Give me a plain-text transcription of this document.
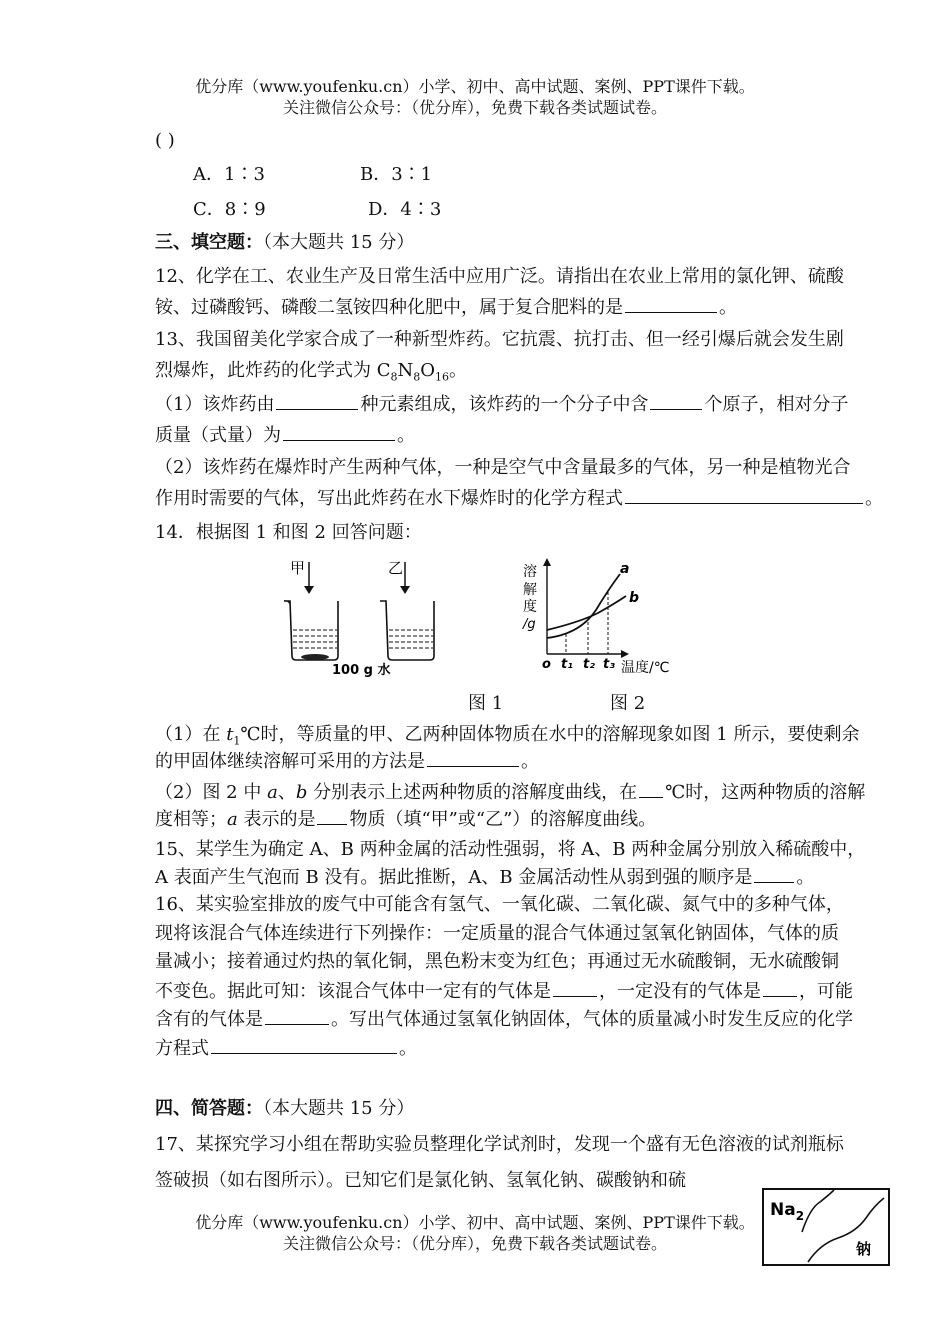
优分库（www.youfenku.cn）小学、初中、高中试题、案例、PPT课件下载。
关注微信公众号：（优分库），免费下载各类试题试卷。
( )
A．1∶3	B．3∶1
C．8∶9	D．4∶3
三、填空题：（本大题共 15 分）
12、化学在工、农业生产及日常生活中应用广泛。请指出在农业上常用的氯化钾、硫酸
铵、过磷酸钙、磷酸二氢铵四种化肥中，属于复合肥料的是	。
13、我国留美化学家合成了一种新型炸药。它抗震、抗打击、但一经引爆后就会发生剧
烈爆炸，此炸药的化学式为 $C_8N_8O_{16}$。
（1）该炸药由	种元素组成，该炸药的一个分子中含	个原子，相对分子
质量（式量）为	。
（2）该炸药在爆炸时产生两种气体，一种是空气中含量最多的气体，另一种是植物光合
作用时需要的气体，写出此炸药在水下爆炸时的化学方程式	。
14．根据图 1 和图 2 回答问题：
甲	乙
100 g 水
溶
解
度
/g
a
b
o t₁ t₂ t₃ 温度/℃
图 1	图 2
（1）在 $t_1℃$时，等质量的甲、乙两种固体物质在水中的溶解现象如图 1 所示，要使剩余
的甲固体继续溶解可采用的方法是	。
（2）图 2 中 a、b 分别表示上述两种物质的溶解度曲线，在 ℃时，这两种物质的溶解
度相等；a 表示的是 物质（填“甲”或“乙”）的溶解度曲线。
15、某学生为确定 A、B 两种金属的活动性强弱，将 A、B 两种金属分别放入稀硫酸中，
A 表面产生气泡而 B 没有。据此推断，A、B 金属活动性从弱到强的顺序是 。
16、某实验室排放的废气中可能含有氢气、一氧化碳、二氧化碳、氮气中的多种气体，
现将该混合气体连续进行下列操作：一定质量的混合气体通过氢氧化钠固体，气体的质
量减小；接着通过灼热的氧化铜，黑色粉末变为红色；再通过无水硫酸铜，无水硫酸铜
不变色。据此可知：该混合气体中一定有的气体是	，一定没有的气体是 ，可能
含有的气体是	。写出气体通过氢氧化钠固体，气体的质量减小时发生反应的化学
方程式	。
四、简答题：（本大题共 15 分）
17、某探究学习小组在帮助实验员整理化学试剂时，发现一个盛有无色溶液的试剂瓶标
签破损（如右图所示）。已知它们是氯化钠、氢氧化钠、碳酸钠和硫
优分库（www.youfenku.cn）小学、初中、高中试题、案例、PPT课件下载。
关注微信公众号：（优分库），免费下载各类试题试卷。
$Na_2$
钠
